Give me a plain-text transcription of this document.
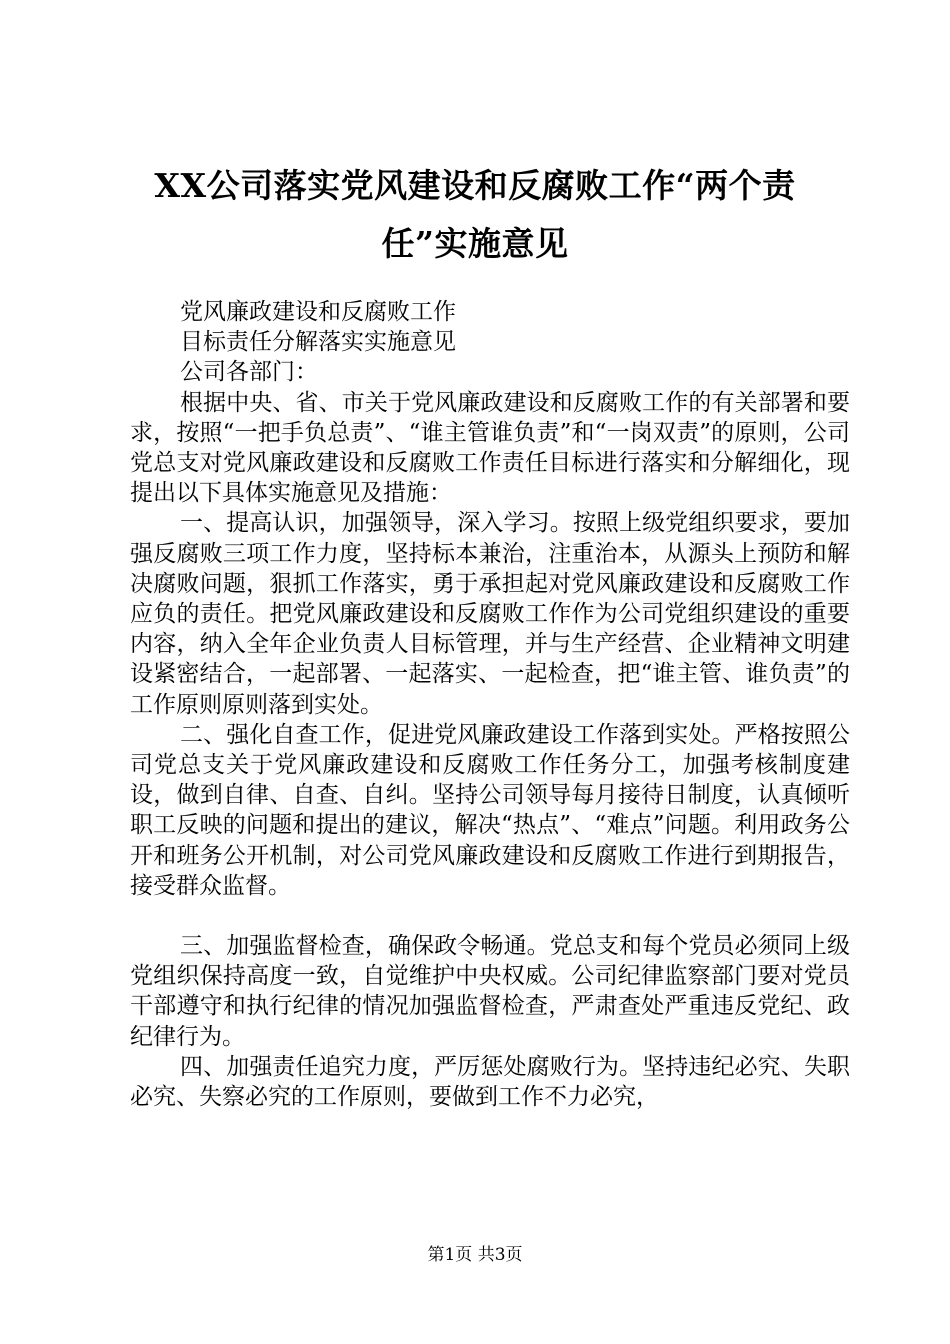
XX公司落实党风建设和反腐败工作“两个责任”实施意见

党风廉政建设和反腐败工作

目标责任分解落实实施意见

公司各部门：

根据中央、省、市关于党风廉政建设和反腐败工作的有关部署和要求，按照“一把手负总责”、“谁主管谁负责”和“一岗双责”的原则，公司党总支对党风廉政建设和反腐败工作责任目标进行落实和分解细化，现提出以下具体实施意见及措施：

一、提高认识，加强领导，深入学习。按照上级党组织要求，要加强反腐败三项工作力度，坚持标本兼治，注重治本，从源头上预防和解决腐败问题，狠抓工作落实，勇于承担起对党风廉政建设和反腐败工作应负的责任。把党风廉政建设和反腐败工作作为公司党组织建设的重要内容，纳入全年企业负责人目标管理，并与生产经营、企业精神文明建设紧密结合，一起部署、一起落实、一起检查，把“谁主管、谁负责”的工作原则原则落到实处。

二、强化自查工作，促进党风廉政建设工作落到实处。严格按照公司党总支关于党风廉政建设和反腐败工作任务分工，加强考核制度建设，做到自律、自查、自纠。坚持公司领导每月接待日制度，认真倾听职工反映的问题和提出的建议，解决“热点”、“难点”问题。利用政务公开和班务公开机制，对公司党风廉政建设和反腐败工作进行到期报告，接受群众监督。

三、加强监督检查，确保政令畅通。党总支和每个党员必须同上级党组织保持高度一致，自觉维护中央权威。公司纪律监察部门要对党员干部遵守和执行纪律的情况加强监督检查，严肃查处严重违反党纪、政纪律行为。

四、加强责任追究力度，严厉惩处腐败行为。坚持违纪必究、失职必究、失察必究的工作原则，要做到工作不力必究，

第1页 共3页
